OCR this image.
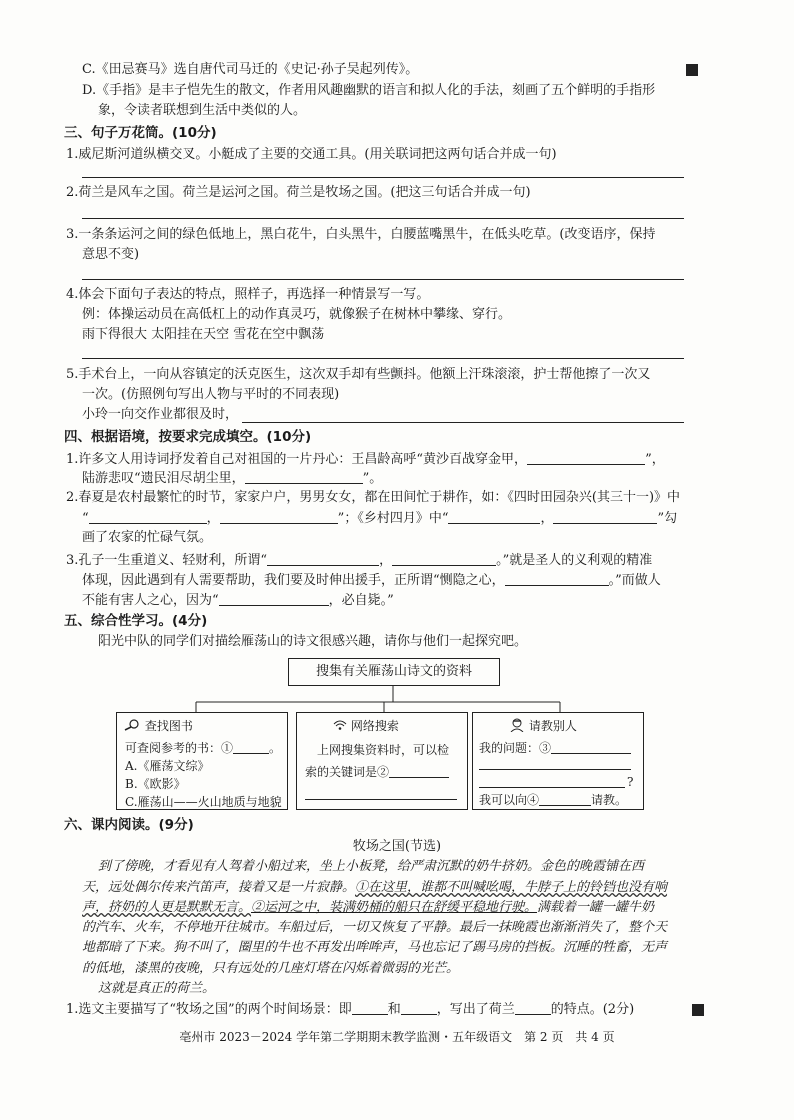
C.《田忌赛马》选自唐代司马迁的《史记·孙子吴起列传》。
D.《手指》是丰子恺先生的散文，作者用风趣幽默的语言和拟人化的手法，刻画了五个鲜明的手指形
象，令读者联想到生活中类似的人。
三、句子万花筒。(10分)
1.威尼斯河道纵横交叉。小艇成了主要的交通工具。(用关联词把这两句话合并成一句)
2.荷兰是风车之国。荷兰是运河之国。荷兰是牧场之国。(把这三句话合并成一句)
3.一条条运河之间的绿色低地上，黑白花牛，白头黑牛，白腰蓝嘴黑牛，在低头吃草。(改变语序，保持
意思不变)
4.体会下面句子表达的特点，照样子，再选择一种情景写一写。
例：体操运动员在高低杠上的动作真灵巧，就像猴子在树林中攀缘、穿行。
雨下得很大 太阳挂在天空 雪花在空中飘荡
5.手术台上，一向从容镇定的沃克医生，这次双手却有些颤抖。他额上汗珠滚滚，护士帮他擦了一次又
一次。(仿照例句写出人物与平时的不同表现)
小玲一向交作业都很及时，
四、根据语境，按要求完成填空。(10分)
1.许多文人用诗词抒发着自己对祖国的一片丹心：王昌龄高呼“黄沙百战穿金甲，	”，
陆游悲叹“遗民泪尽胡尘里，	”。
2.春夏是农村最繁忙的时节，家家户户，男男女女，都在田间忙于耕作，如：《四时田园杂兴(其三十一)》中
“	，	”；《乡村四月》中“	，	”勾
画了农家的忙碌气氛。
3.孔子一生重道义、轻财利，所谓“	，	。”就是圣人的义利观的精准
体现，因此遇到有人需要帮助，我们要及时伸出援手，正所谓“恻隐之心，	。”而做人
不能有害人之心，因为“	，必自毙。”
五、综合性学习。(4分)
阳光中队的同学们对描绘雁荡山的诗文很感兴趣，请你与他们一起探究吧。
搜集有关雁荡山诗文的资料
查找图书
可查阅参考的书：①	。
A.《雁荡文综》
B.《欧影》
C.雁荡山——火山地质与地貌
网络搜索
上网搜集资料时，可以检
索的关键词是②
请教别人
我的问题：③
?
我可以向④	请教。
六、课内阅读。(9分)
牧场之国(节选)
到了傍晚，才看见有人驾着小船过来，坐上小板凳，给严肃沉默的奶牛挤奶。金色的晚霞铺在西
天，远处偶尔传来汽笛声，接着又是一片寂静。①在这里，谁都不叫喊吆喝，牛脖子上的铃铛也没有响
声，挤奶的人更是默默无言。②运河之中，装满奶桶的船只在舒缓平稳地行驶。满载着一罐一罐牛奶
的汽车、火车，不停地开往城市。车船过后，一切又恢复了平静。最后一抹晚霞也渐渐消失了，整个天
地都暗了下来。狗不叫了，圈里的牛也不再发出哞哞声，马也忘记了踢马房的挡板。沉睡的牲畜，无声
的低地，漆黑的夜晚，只有远处的几座灯塔在闪烁着微弱的光芒。
这就是真正的荷兰。
1.选文主要描写了“牧场之国”的两个时间场景：即	和	，写出了荷兰	的特点。(2分)
亳州市 2023－2024 学年第二学期期末教学监测・五年级语文　第 2 页　共 4 页
